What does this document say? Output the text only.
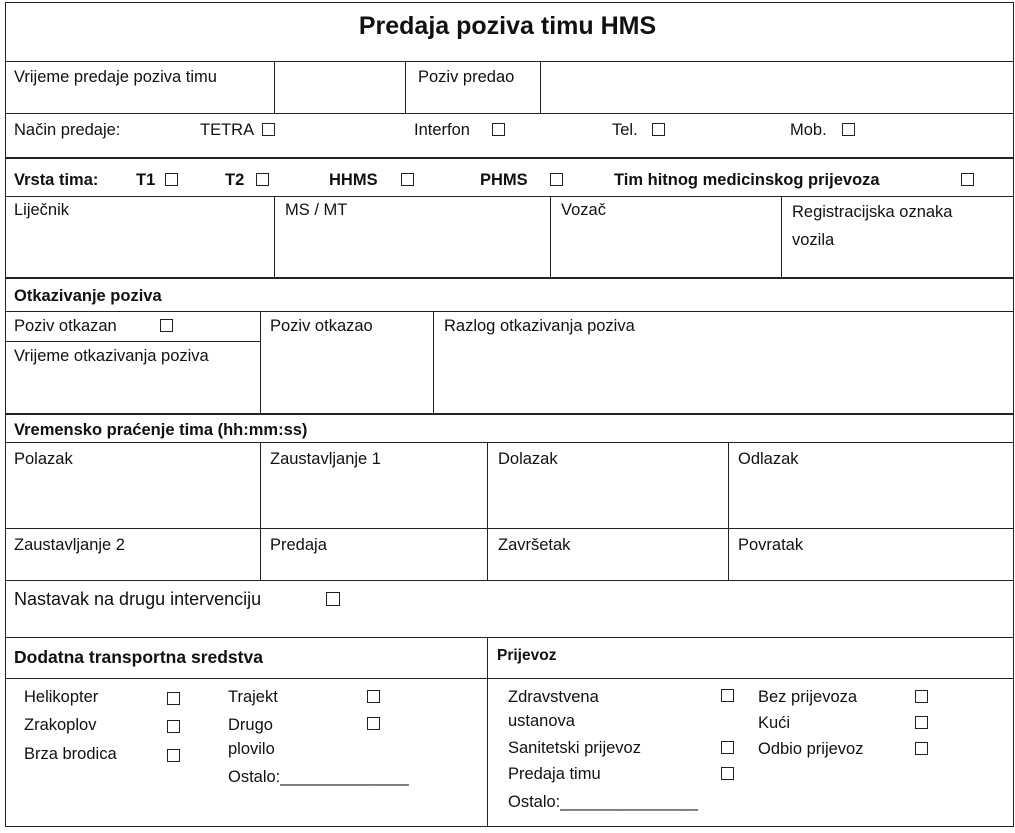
Predaja poziva timu HMS
Vrijeme predaje poziva timu	Poziv predao
Način predaje:	TETRA	Interfon	Tel.	Mob.
Vrsta tima: T1	T2	HHMS	PHMS	Tim hitnog medicinskog prijevoza
Liječnik	MS / MT	Vozač	Registracijska oznaka vozila
Otkazivanje poziva
Poziv otkazan
Vrijeme otkazivanja poziva
Poziv otkazao	Razlog otkazivanja poziva
Vremensko praćenje tima (hh:mm:ss)
Polazak	Zaustavljanje 1	Dolazak	Odlazak
Zaustavljanje 2	Predaja	Završetak	Povratak
Nastavak na drugu intervenciju
Dodatna transportna sredstva
Helikopter
Zrakoplov
Brza brodica
Trajekt
Drugo plovilo
Ostalo:______________
Prijevoz
Zdravstvena ustanova
Sanitetski prijevoz
Predaja timu
Ostalo:_______________
Bez prijevoza
Kući
Odbio prijevoz
